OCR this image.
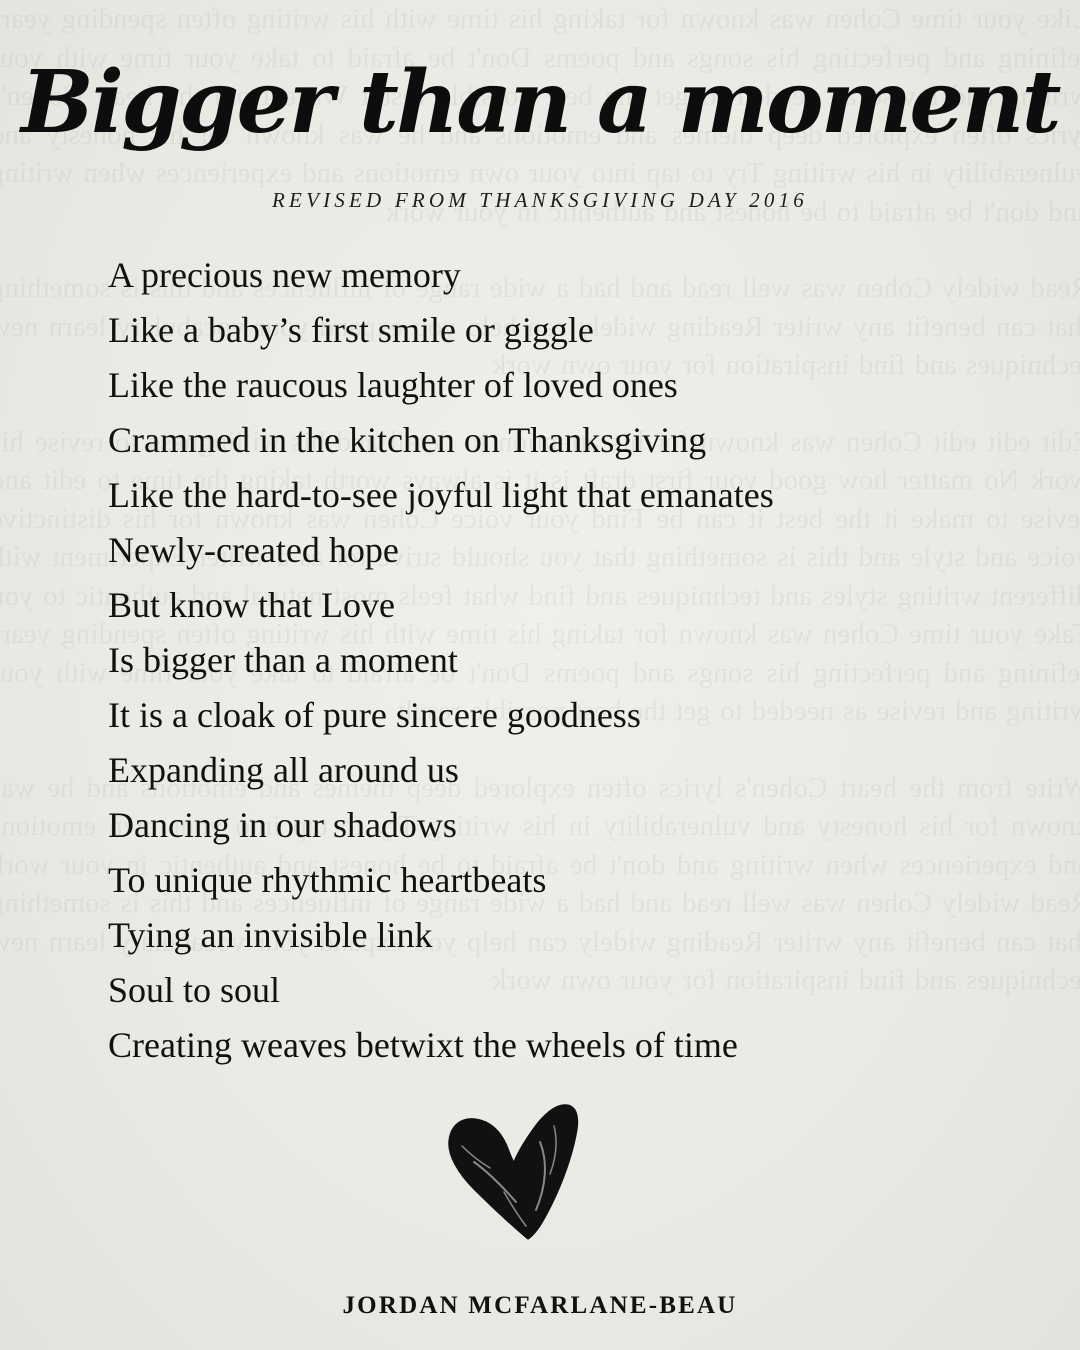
Bigger than a moment

REVISED FROM THANKSGIVING DAY 2016

A precious new memory
Like a baby’s first smile or giggle
Like the raucous laughter of loved ones
Crammed in the kitchen on Thanksgiving
Like the hard-to-see joyful light that emanates
Newly-created hope
But know that Love
Is bigger than a moment
It is a cloak of pure sincere goodness
Expanding all around us
Dancing in our shadows
To unique rhythmic heartbeats
Tying an invisible link
Soul to soul
Creating weaves betwixt the wheels of time

JORDAN MCFARLANE-BEAU
